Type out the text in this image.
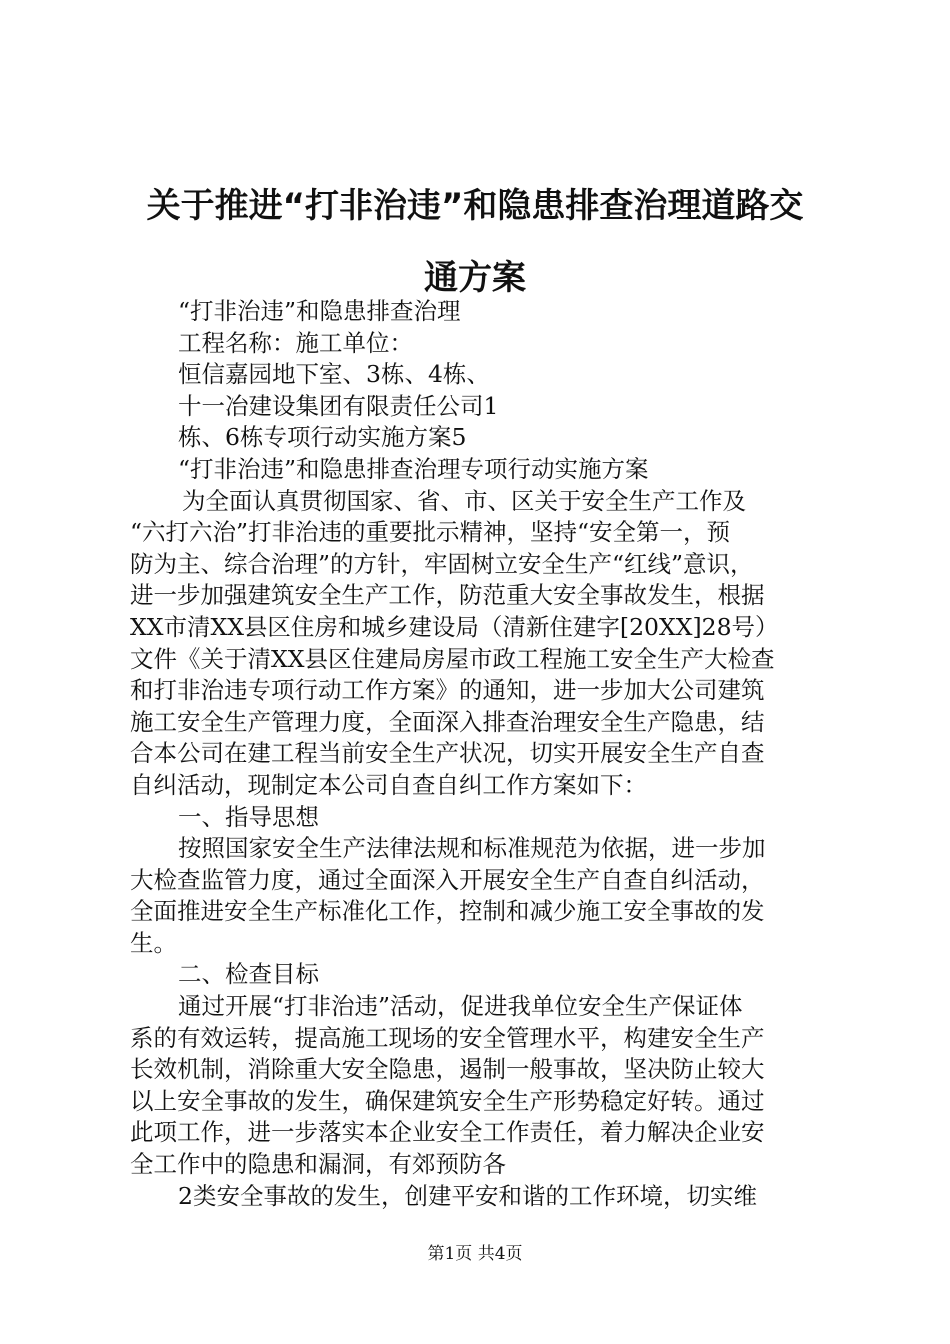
关于推进“打非治违”和隐患排查治理道路交
通方案

“打非治违”和隐患排查治理

工程名称：施工单位：

恒信嘉园地下室、3栋、4栋、

十一冶建设集团有限责任公司1

栋、6栋专项行动实施方案5

“打非治违”和隐患排查治理专项行动实施方案

为全面认真贯彻国家、省、市、区关于安全生产工作及

“六打六治”打非治违的重要批示精神，坚持“安全第一，预

防为主、综合治理”的方针，牢固树立安全生产“红线”意识，

进一步加强建筑安全生产工作，防范重大安全事故发生，根据

XX市清XX县区住房和城乡建设局（清新住建字[20XX]28号）

文件《关于清XX县区住建局房屋市政工程施工安全生产大检查

和打非治违专项行动工作方案》的通知，进一步加大公司建筑

施工安全生产管理力度，全面深入排查治理安全生产隐患，结

合本公司在建工程当前安全生产状况，切实开展安全生产自查

自纠活动，现制定本公司自查自纠工作方案如下：

一、指导思想

按照国家安全生产法律法规和标准规范为依据，进一步加

大检查监管力度，通过全面深入开展安全生产自查自纠活动，

全面推进安全生产标准化工作，控制和减少施工安全事故的发

生。

二、检查目标

通过开展“打非治违”活动，促进我单位安全生产保证体

系的有效运转，提高施工现场的安全管理水平，构建安全生产

长效机制，消除重大安全隐患，遏制一般事故，坚决防止较大

以上安全事故的发生，确保建筑安全生产形势稳定好转。通过

此项工作，进一步落实本企业安全工作责任，着力解决企业安

全工作中的隐患和漏洞，有郊预防各

2类安全事故的发生，创建平安和谐的工作环境，切实维

第1页 共4页
